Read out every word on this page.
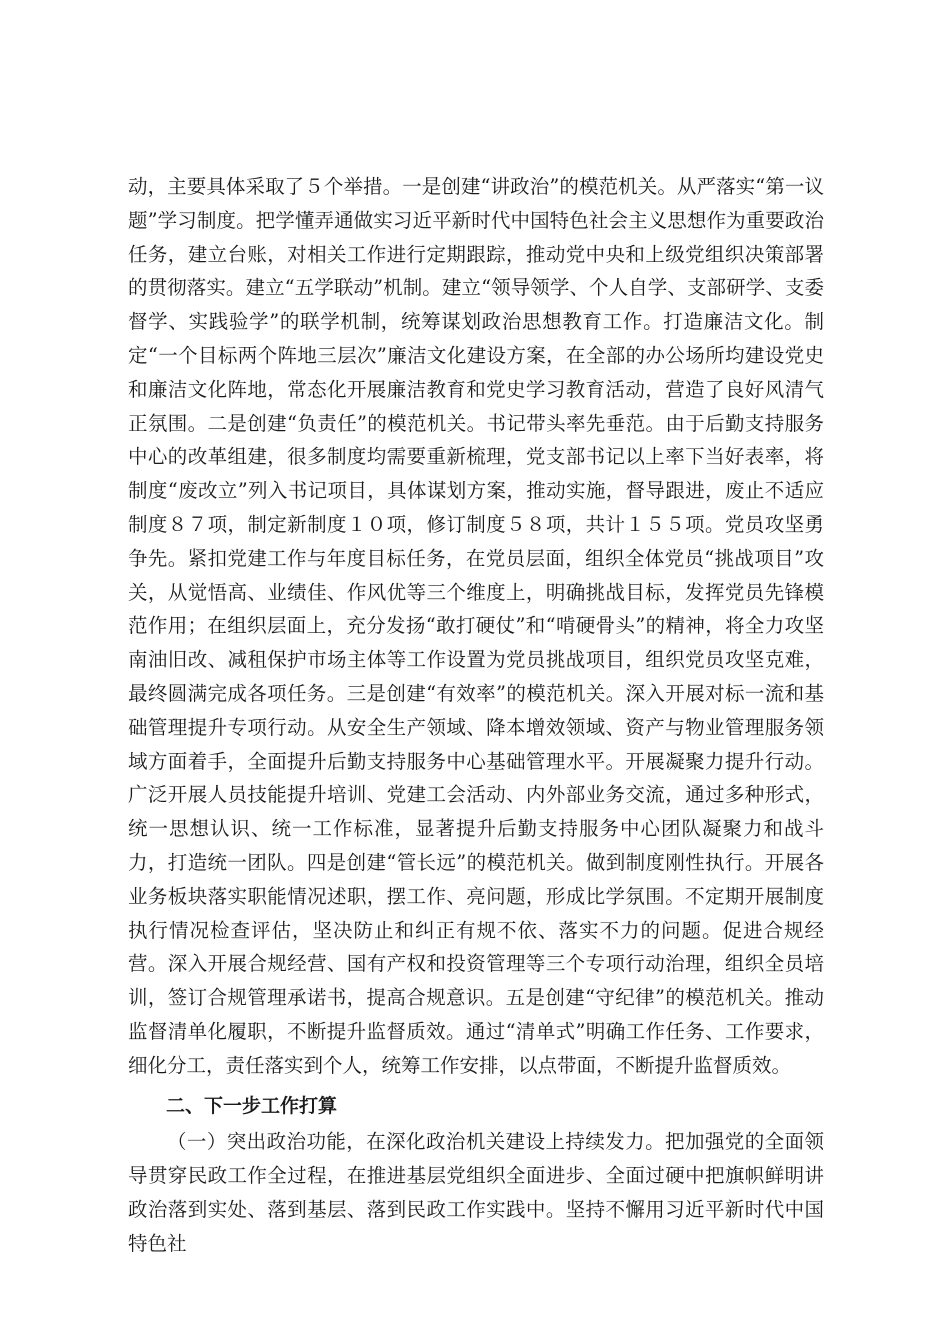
动，主要具体采取了５个举措。一是创建“讲政治”的模范机关。从严落实“第一议题”学习制度。把学懂弄通做实习近平新时代中国特色社会主义思想作为重要政治任务，建立台账，对相关工作进行定期跟踪，推动党中央和上级党组织决策部署的贯彻落实。建立“五学联动”机制。建立“领导领学、个人自学、支部研学、支委督学、实践验学”的联学机制，统筹谋划政治思想教育工作。打造廉洁文化。制定“一个目标两个阵地三层次”廉洁文化建设方案，在全部的办公场所均建设党史和廉洁文化阵地，常态化开展廉洁教育和党史学习教育活动，营造了良好风清气正氛围。二是创建“负责任”的模范机关。书记带头率先垂范。由于后勤支持服务中心的改革组建，很多制度均需要重新梳理，党支部书记以上率下当好表率，将制度“废改立”列入书记项目，具体谋划方案，推动实施，督导跟进，废止不适应制度８７项，制定新制度１０项，修订制度５８项，共计１５５项。党员攻坚勇争先。紧扣党建工作与年度目标任务，在党员层面，组织全体党员“挑战项目”攻关，从觉悟高、业绩佳、作风优等三个维度上，明确挑战目标，发挥党员先锋模范作用；在组织层面上，充分发扬“敢打硬仗”和“啃硬骨头”的精神，将全力攻坚南油旧改、减租保护市场主体等工作设置为党员挑战项目，组织党员攻坚克难，最终圆满完成各项任务。三是创建“有效率”的模范机关。深入开展对标一流和基础管理提升专项行动。从安全生产领域、降本增效领域、资产与物业管理服务领域方面着手，全面提升后勤支持服务中心基础管理水平。开展凝聚力提升行动。广泛开展人员技能提升培训、党建工会活动、内外部业务交流，通过多种形式，统一思想认识、统一工作标准，显著提升后勤支持服务中心团队凝聚力和战斗力，打造统一团队。四是创建“管长远”的模范机关。做到制度刚性执行。开展各业务板块落实职能情况述职，摆工作、亮问题，形成比学氛围。不定期开展制度执行情况检查评估，坚决防止和纠正有规不依、落实不力的问题。促进合规经营。深入开展合规经营、国有产权和投资管理等三个专项行动治理，组织全员培训，签订合规管理承诺书，提高合规意识。五是创建“守纪律”的模范机关。推动监督清单化履职，不断提升监督质效。通过“清单式”明确工作任务、工作要求，细化分工，责任落实到个人，统筹工作安排，以点带面，不断提升监督质效。

二、下一步工作打算

（一）突出政治功能，在深化政治机关建设上持续发力。把加强党的全面领导贯穿民政工作全过程，在推进基层党组织全面进步、全面过硬中把旗帜鲜明讲政治落到实处、落到基层、落到民政工作实践中。坚持不懈用习近平新时代中国特色社
